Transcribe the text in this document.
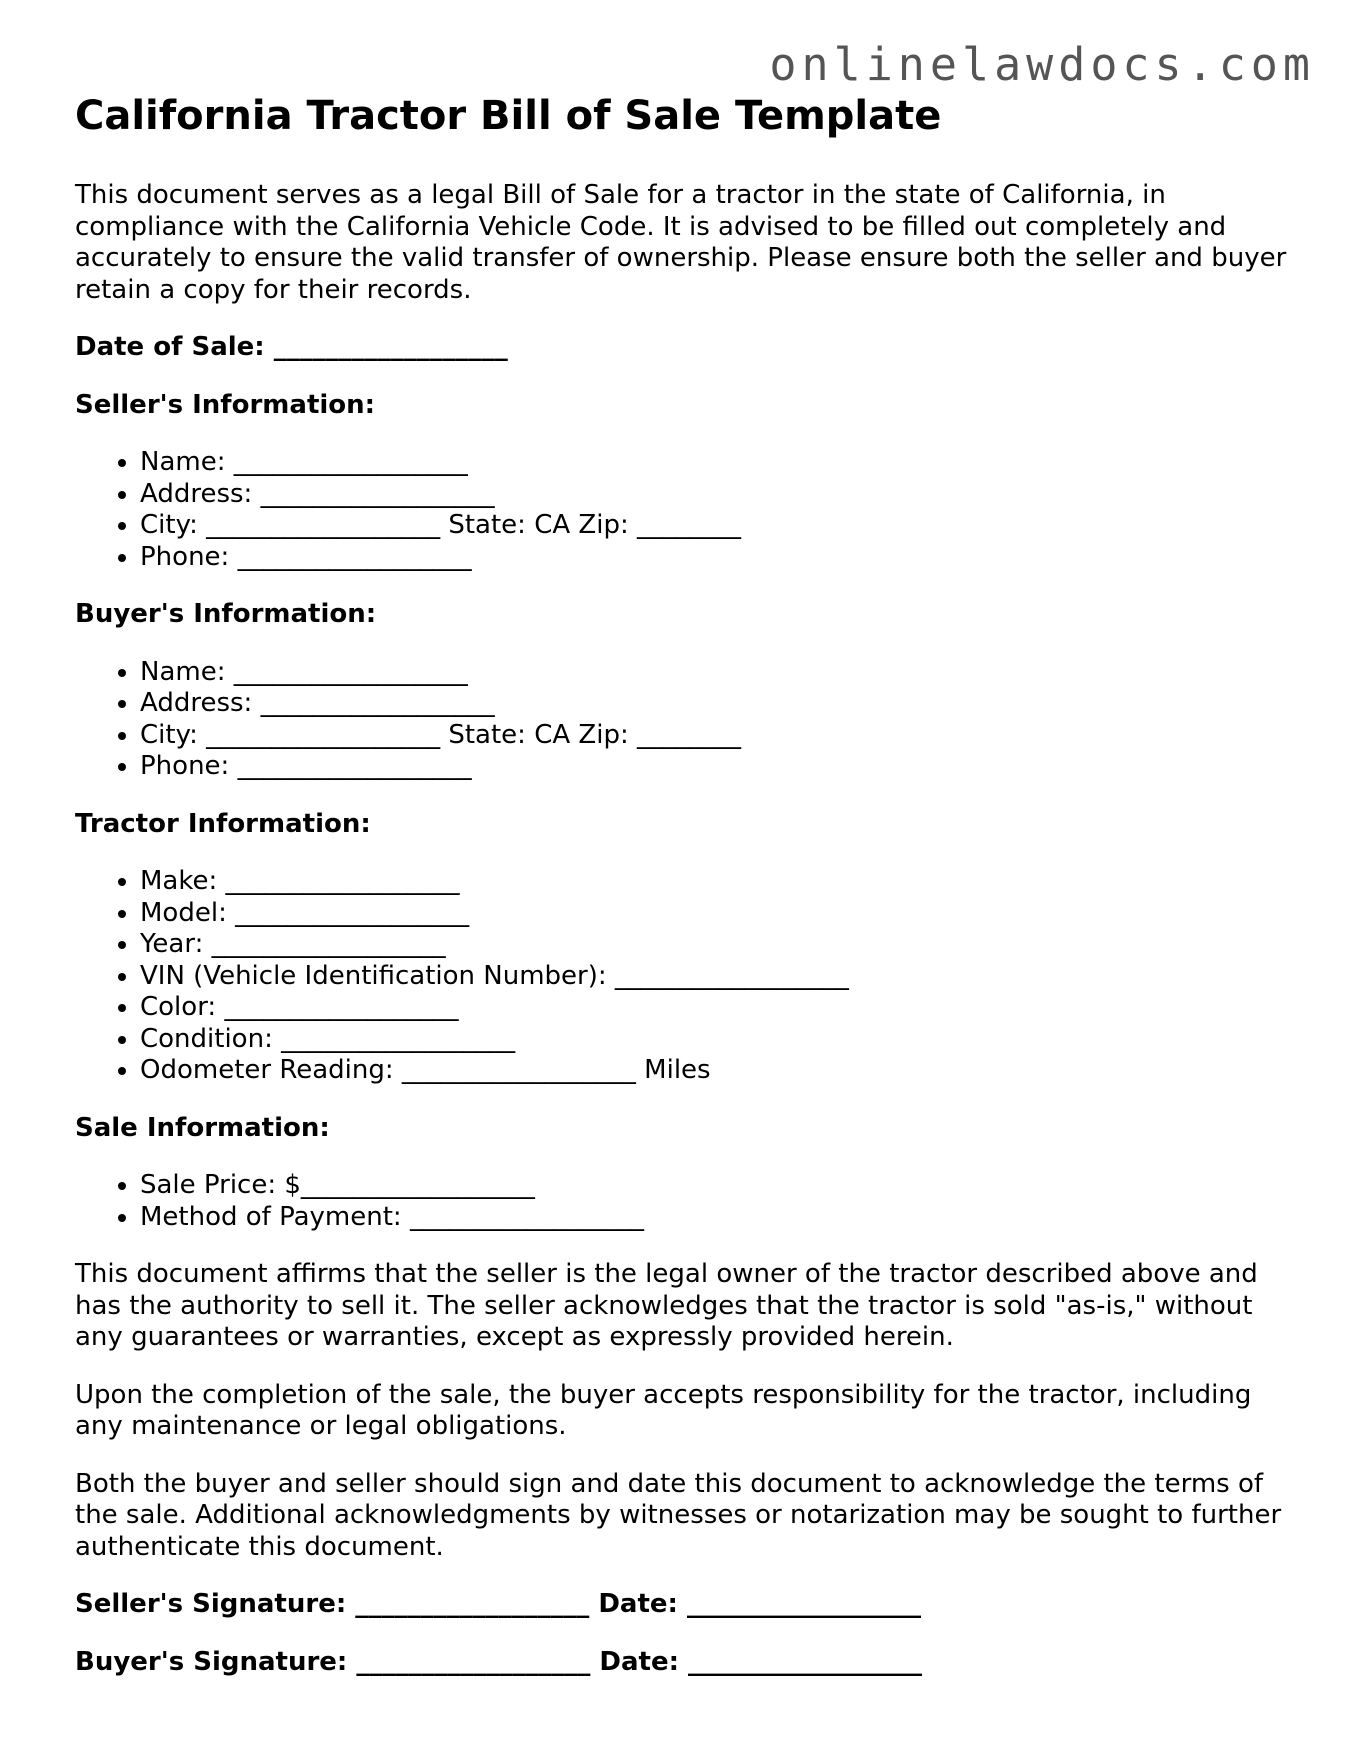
onlinelawdocs.com
California Tractor Bill of Sale Template

This document serves as a legal Bill of Sale for a tractor in the state of California, in compliance with the California Vehicle Code. It is advised to be filled out completely and accurately to ensure the valid transfer of ownership. Please ensure both the seller and buyer retain a copy for their records.

Date of Sale: __________________

Seller's Information:

• Name: __________________
• Address: __________________
• City: __________________ State: CA Zip: ________
• Phone: __________________

Buyer's Information:

• Name: __________________
• Address: __________________
• City: __________________ State: CA Zip: ________
• Phone: __________________

Tractor Information:

• Make: __________________
• Model: __________________
• Year: __________________
• VIN (Vehicle Identification Number): __________________
• Color: __________________
• Condition: __________________
• Odometer Reading: __________________ Miles

Sale Information:

• Sale Price: $__________________
• Method of Payment: __________________

This document affirms that the seller is the legal owner of the tractor described above and has the authority to sell it. The seller acknowledges that the tractor is sold "as-is," without any guarantees or warranties, except as expressly provided herein.

Upon the completion of the sale, the buyer accepts responsibility for the tractor, including any maintenance or legal obligations.

Both the buyer and seller should sign and date this document to acknowledge the terms of the sale. Additional acknowledgments by witnesses or notarization may be sought to further authenticate this document.

Seller's Signature: __________________ Date: __________________

Buyer's Signature: __________________ Date: __________________
